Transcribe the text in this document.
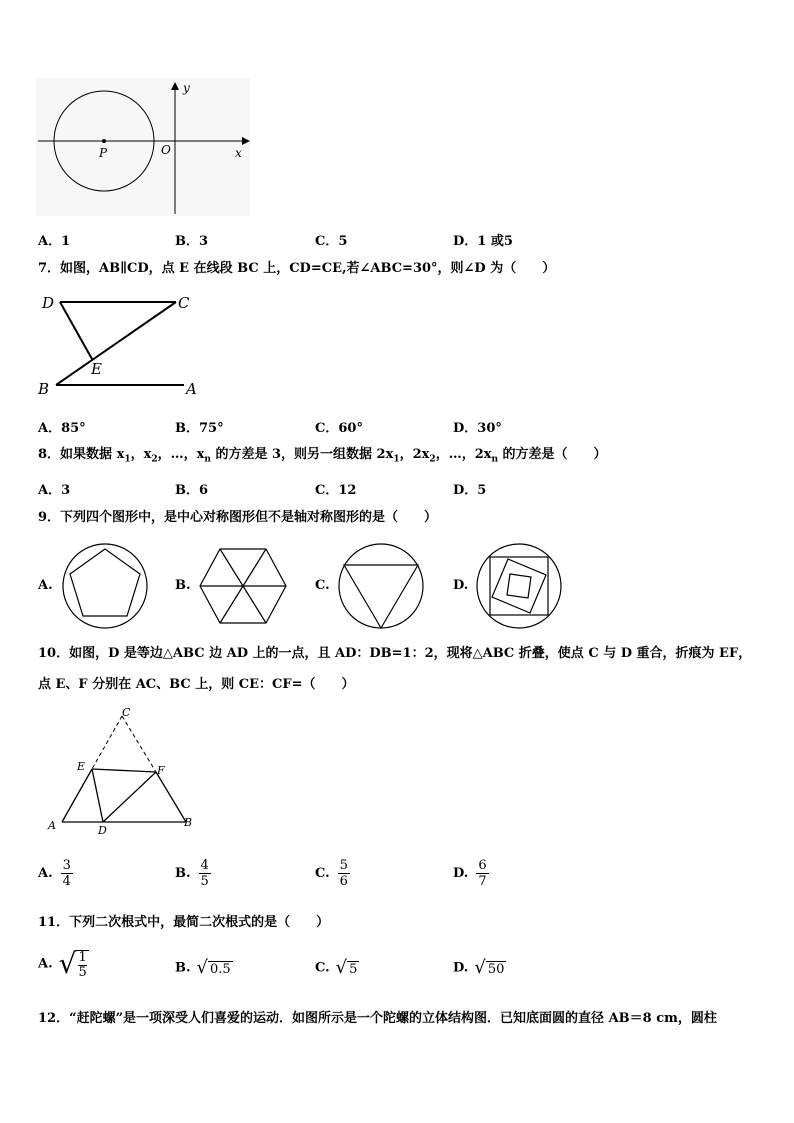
y
x
P	O
A．1	B．3	C．5	D．1 或5
7．如图，AB∥CD，点 E 在线段 BC 上，CD=CE,若∠ABC=30°，则∠D 为（　　）
D	C
E
B	A
A．85°	B．75°	C．60°	D．30°
8．如果数据 $x_1$，$x_2$，…，$x_n$ 的方差是 3，则另一组数据 $2x_1$，$2x_2$，…，$2x_n$ 的方差是（　　）
A．3	B．6	C．12	D．5
9．下列四个图形中，是中心对称图形但不是轴对称图形的是（　　）
A.	B.	C.	D.
10．如图，D 是等边△ABC 边 AD 上的一点，且 AD：DB=1：2，现将△ABC 折叠，使点 C 与 D 重合，折痕为 EF，
点 E、F 分别在 AC、BC 上，则 CE：CF=（　　）
C
E	F
A	D
B
A. $\frac{3}{4}$	B. $\frac{4}{5}$	C. $\frac{5}{6}$	D. $\frac{6}{7}$
11．下列二次根式中，最简二次根式的是（　　）
A. √ 1
5	B. √ 0.5	C. √ 5	D. √ 50
12．“赶陀螺”是一项深受人们喜爱的运动．如图所示是一个陀螺的立体结构图．已知底面圆的直径 AB＝8 cm，圆柱
